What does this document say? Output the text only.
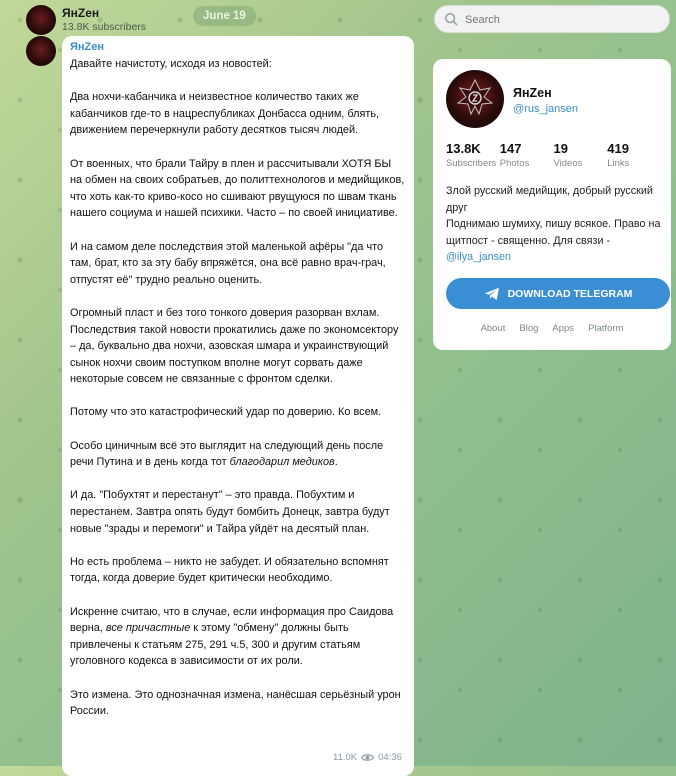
ЯнZен
13.8K subscribers
June 19
Search
ЯнZен
Давайте начистоту, исходя из новостей:

Два нохчи-кабанчика и неизвестное количество таких же кабанчиков где-то в нацреспубликах Донбасса одним, блять, движением перечеркнули работу десятков тысяч людей.

От военных, что брали Тайру в плен и рассчитывали ХОТЯ БЫ на обмен на своих собратьев, до политтехнологов и медийщиков, что хоть как-то криво-косо но сшивают рвущуюся по швам ткань нашего социума и нашей психики. Часто – по своей инициативе.

И на самом деле последствия этой маленькой афёры "да что там, брат, кто за эту бабу впряжётся, она всё равно врач-грач, отпустят её" трудно реально оценить.

Огромный пласт и без того тонкого доверия разорван вхлам. Последствия такой новости прокатились даже по экономсектору – да, буквально два нохчи, азовская шмара и украинствующий сынок нохчи своим поступком вполне могут сорвать даже некоторые совсем не связанные с фронтом сделки.

Потому что это катастрофический удар по доверию. Ко всем.

Особо циничным всё это выглядит на следующий день после речи Путина и в день когда тот благодарил медиков.

И да. "Побухтят и перестанут" – это правда. Побухтим и перестанем. Завтра опять будут бомбить Донецк, завтра будут новые "зрады и перемоги" и Тайра уйдёт на десятый план.

Но есть проблема – никто не забудет. И обязательно вспомнят тогда, когда доверие будет критически необходимо.

Искренне считаю, что в случае, если информация про Саидова верна, все причастные к этому "обмену" должны быть привлечены к статьям 275, 291 ч.5, 300 и другим статьям уголовного кодекса в зависимости от их роли.

Это измена. Это однозначная измена, нанёсшая серьёзный урон России.
11.0K 04:36
ЯнZен
@rus_jansen
13.8K
Subscribers
147
Photos
19
Videos
419
Links
Злой русский медийщик, добрый русский друг
Поднимаю шумиху, пишу всякое. Право на щитпост - священно. Для связи -
@ilya_jansen
DOWNLOAD TELEGRAM
About Blog Apps Platform
